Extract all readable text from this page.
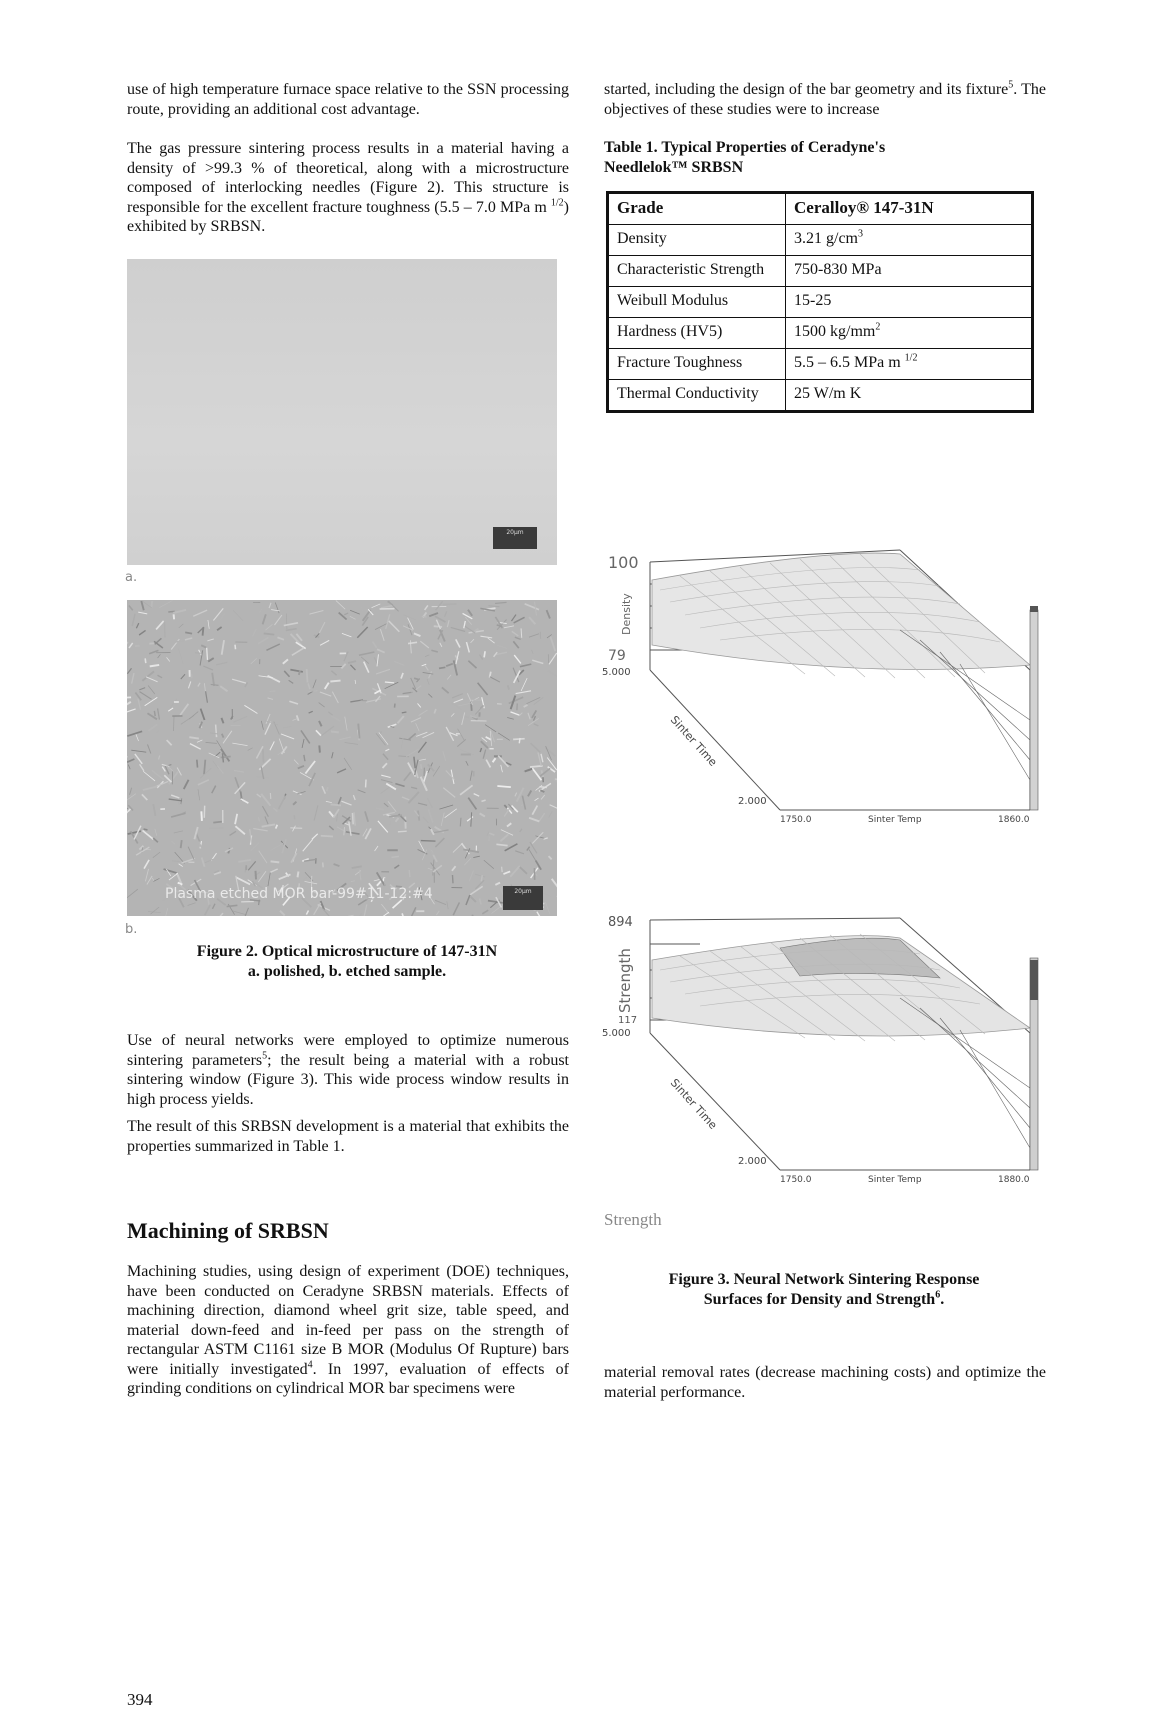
use of high temperature furnace space relative to the SSN processing route, providing an additional cost advantage.

The gas pressure sintering process results in a material having a density of >99.3 % of theoretical, along with a microstructure composed of interlocking needles (Figure 2). This structure is responsible for the excellent fracture toughness (5.5 – 7.0 MPa m $^{1/2}$) exhibited by SRBSN.

20μm
a.
Plasma etched MOR bar-99#11-12:#4	20μm
b.

Figure 2. Optical microstructure of 147-31N
a. polished, b. etched sample.

Use of neural networks were employed to optimize numerous sintering parameters$^5$; the result being a material with a robust sintering window (Figure 3). This wide process window results in high process yields.

The result of this SRBSN development is a material that exhibits the properties summarized in Table 1.

Machining of SRBSN

Machining studies, using design of experiment (DOE) techniques, have been conducted on Ceradyne SRBSN materials. Effects of machining direction, diamond wheel grit size, table speed, and material down-feed and in-feed per pass on the strength of rectangular ASTM C1161 size B MOR (Modulus Of Rupture) bars were initially investigated$^4$. In 1997, evaluation of effects of grinding conditions on cylindrical MOR bar specimens were

394

started, including the design of the bar geometry and its fixture$^5$. The objectives of these studies were to increase

Table 1. Typical Properties of Ceradyne's
Needlelok™ SRBSN

Grade	Ceralloy® 147-31N
Density	3.21 $g/cm^3$
Characteristic Strength	750-830 MPa
Weibull Modulus	15-25
Hardness (HV5)	1500 $kg/mm^2$
Fracture Toughness	5.5 – 6.5 MPa m $^{1/2}$
Thermal Conductivity	25 W/m K
100
79
5.000
Density
Sinter Time
2.000
1750.0	Sinter Temp	1860.0
894
117
5.000
Strength
Sinter Time
2.000
1750.0	Sinter Temp	1880.0
Strength

Figure 3. Neural Network Sintering Response
Surfaces for Density and Strength$^6$.

material removal rates (decrease machining costs) and optimize the material performance.
